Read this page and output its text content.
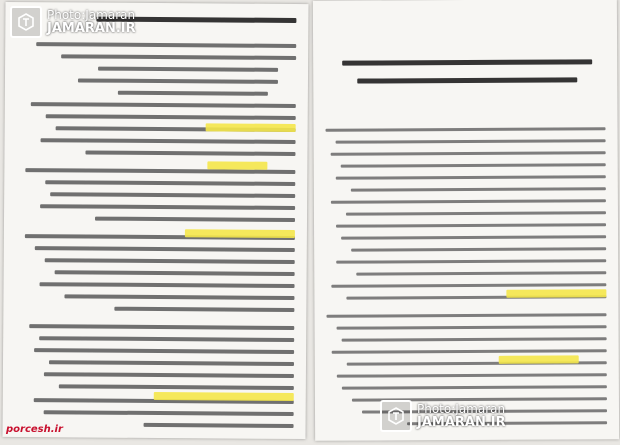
Photo:Jamaran
JAMARAN.IR
Photo:Jamaran
JAMARAN.IR
porcesh.ir
